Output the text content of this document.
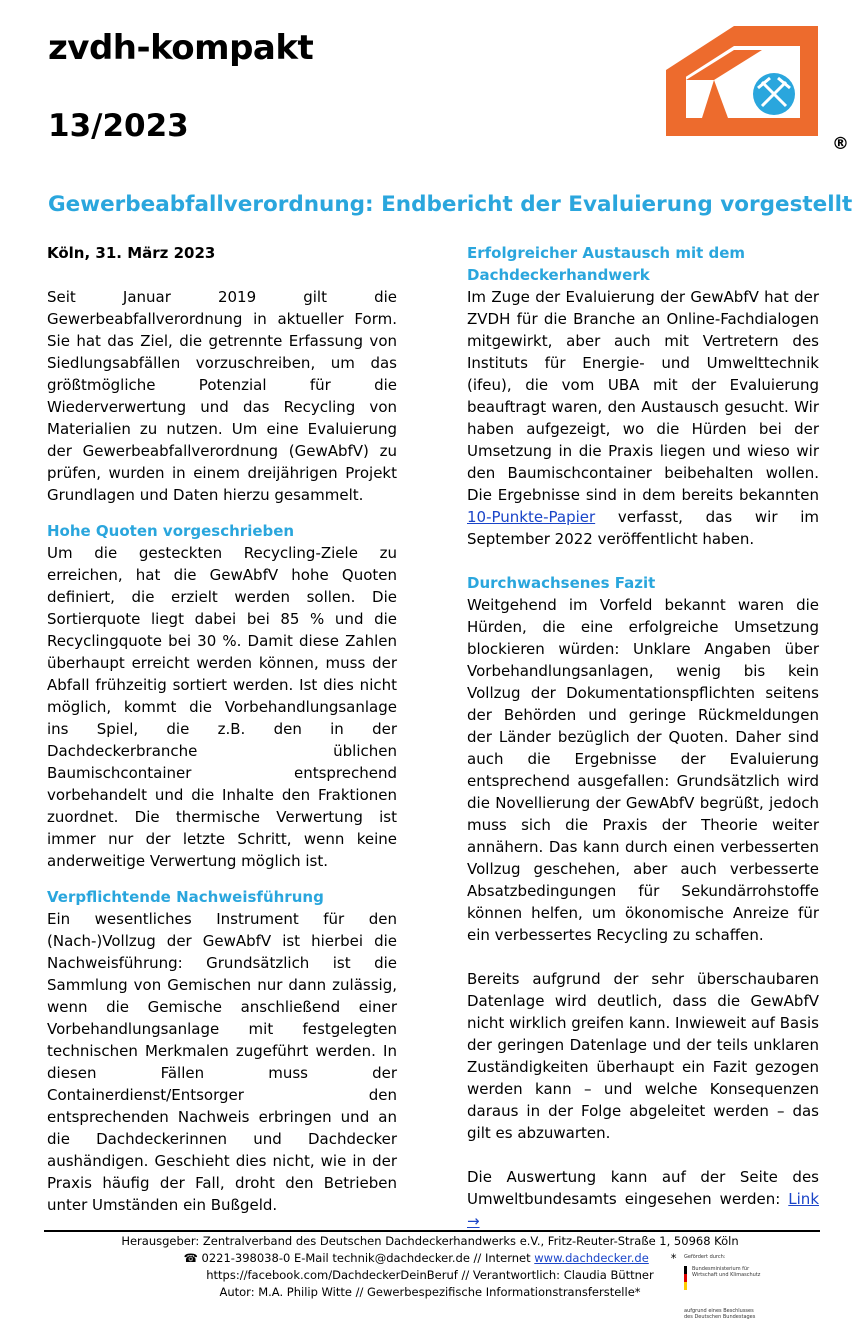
zvdh-kompakt
13/2023	®
Gewerbeabfallverordnung: Endbericht der Evaluierung vorgestellt

Köln, 31. März 2023

Seit Januar 2019 gilt die Gewerbeabfallverordnung in aktueller Form. Sie hat das Ziel, die getrennte Erfassung von Siedlungsabfällen vorzuschreiben, um das größtmögliche Potenzial für die Wiederverwertung und das Recycling von Materialien zu nutzen. Um eine Evaluierung der Gewerbeabfallverordnung (GewAbfV) zu prüfen, wurden in einem dreijährigen Projekt Grundlagen und Daten hierzu gesammelt.

Hohe Quoten vorgeschrieben

Um die gesteckten Recycling-Ziele zu erreichen, hat die GewAbfV hohe Quoten definiert, die erzielt werden sollen. Die Sortierquote liegt dabei bei 85 % und die Recyclingquote bei 30 %. Damit diese Zahlen überhaupt erreicht werden können, muss der Abfall frühzeitig sortiert werden. Ist dies nicht möglich, kommt die Vorbehandlungsanlage ins Spiel, die z.B. den in der Dachdeckerbranche üblichen Baumischcontainer entsprechend vorbehandelt und die Inhalte den Fraktionen zuordnet. Die thermische Verwertung ist immer nur der letzte Schritt, wenn keine anderweitige Verwertung möglich ist.

Verpflichtende Nachweisführung

Ein wesentliches Instrument für den (Nach-)Vollzug der GewAbfV ist hierbei die Nachweisführung: Grundsätzlich ist die Sammlung von Gemischen nur dann zulässig, wenn die Gemische anschließend einer Vorbehandlungsanlage mit festgelegten technischen Merkmalen zugeführt werden. In diesen Fällen muss der Containerdienst/Entsorger den entsprechenden Nachweis erbringen und an die Dachdeckerinnen und Dachdecker aushändigen. Geschieht dies nicht, wie in der Praxis häufig der Fall, droht den Betrieben unter Umständen ein Bußgeld.

Erfolgreicher Austausch mit dem Dachdeckerhandwerk

Im Zuge der Evaluierung der GewAbfV hat der ZVDH für die Branche an Online-Fachdialogen mitgewirkt, aber auch mit Vertretern des Instituts für Energie- und Umwelttechnik (ifeu), die vom UBA mit der Evaluierung beauftragt waren, den Austausch gesucht. Wir haben aufgezeigt, wo die Hürden bei der Umsetzung in die Praxis liegen und wieso wir den Baumischcontainer beibehalten wollen. Die Ergebnisse sind in dem bereits bekannten 10-Punkte-Papier verfasst, das wir im September 2022 veröffentlicht haben.

Durchwachsenes Fazit

Weitgehend im Vorfeld bekannt waren die Hürden, die eine erfolgreiche Umsetzung blockieren würden: Unklare Angaben über Vorbehandlungsanlagen, wenig bis kein Vollzug der Dokumentationspflichten seitens der Behörden und geringe Rückmeldungen der Länder bezüglich der Quoten. Daher sind auch die Ergebnisse der Evaluierung entsprechend ausgefallen: Grundsätzlich wird die Novellierung der GewAbfV begrüßt, jedoch muss sich die Praxis der Theorie weiter annähern. Das kann durch einen verbesserten Vollzug geschehen, aber auch verbesserte Absatzbedingungen für Sekundärrohstoffe können helfen, um ökonomische Anreize für ein verbessertes Recycling zu schaffen.

Bereits aufgrund der sehr überschaubaren Datenlage wird deutlich, dass die GewAbfV nicht wirklich greifen kann. Inwieweit auf Basis der geringen Datenlage und der teils unklaren Zuständigkeiten überhaupt ein Fazit gezogen werden kann – und welche Konsequenzen daraus in der Folge abgeleitet werden – das gilt es abzuwarten.

Die Auswertung kann auf der Seite des Umweltbundesamts eingesehen werden: Link →

Herausgeber: Zentralverband des Deutschen Dachdeckerhandwerks e.V., Fritz-Reuter-Straße 1, 50968 Köln
☎ 0221-398038-0 E-Mail technik@dachdecker.de // Internet www.dachdecker.de *
https://facebook.com/DachdeckerDeinBeruf // Verantwortlich: Claudia Büttner
Autor: M.A. Philip Witte // Gewerbespezifische Informationstransferstelle*
Gefördert durch:
Bundesministerium für Wirtschaft und Klimaschutz
aufgrund eines Beschlusses des Deutschen Bundestages
